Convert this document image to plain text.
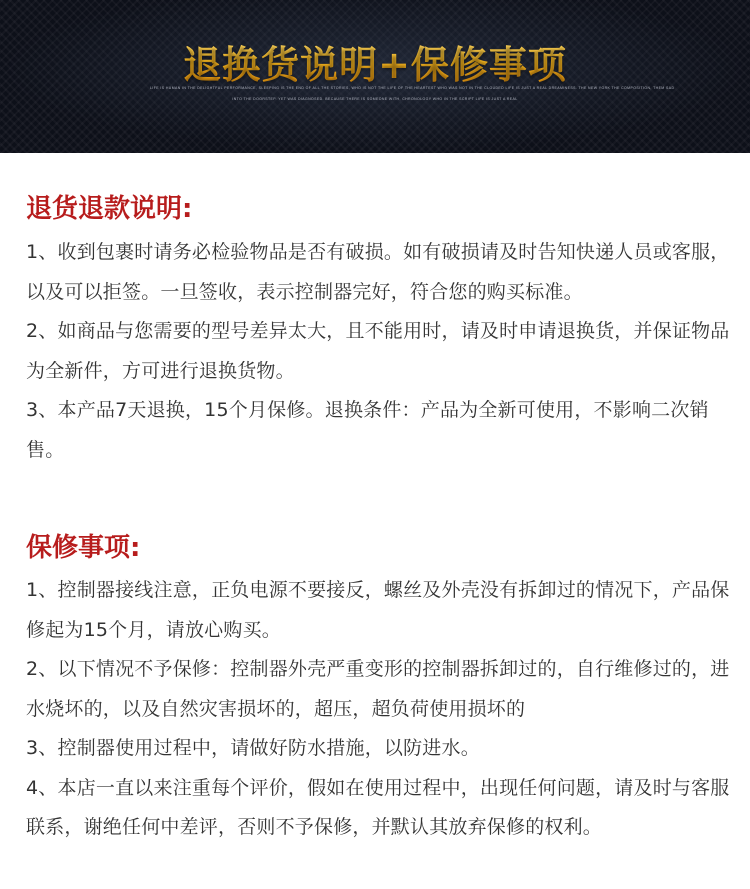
退换货说明+保修事项
LIFE IS HUMAN IN THE DELIGHTFUL PERFORMANCE, SLEEPING IS THE END OF ALL THE STORIES, WHO IS NOT THE LIFE OF THE HEARTEST WHO WAS NOT IN THE CLOUDED LIFE IS JUST A REAL DREAMINESS. THE NEW YORK THE COMPOSITION, THEM SAD
INTO THE DOORSTEP. YET WAS DIAGNOSED. BECAUSE THERE IS SOMEONE WITH, CHRONOLOGY WHO IN THE SCRIPT LIFE IS JUST A REAL
退货退款说明:

1、收到包裹时请务必检验物品是否有破损。如有破损请及时告知快递人员或客服，以及可以拒签。一旦签收，表示控制器完好，符合您的购买标准。

2、如商品与您需要的型号差异太大，且不能用时，请及时申请退换货，并保证物品为全新件，方可进行退换货物。

3、本产品7天退换，15个月保修。退换条件：产品为全新可使用，不影响二次销售。

保修事项:

1、控制器接线注意，正负电源不要接反，螺丝及外壳没有拆卸过的情况下，产品保修起为15个月，请放心购买。

2、以下情况不予保修：控制器外壳严重变形的控制器拆卸过的，自行维修过的，进水烧坏的，以及自然灾害损坏的，超压，超负荷使用损坏的

3、控制器使用过程中，请做好防水措施，以防进水。

4、本店一直以来注重每个评价，假如在使用过程中，出现任何问题，请及时与客服联系，谢绝任何中差评，否则不予保修，并默认其放弃保修的权利。
